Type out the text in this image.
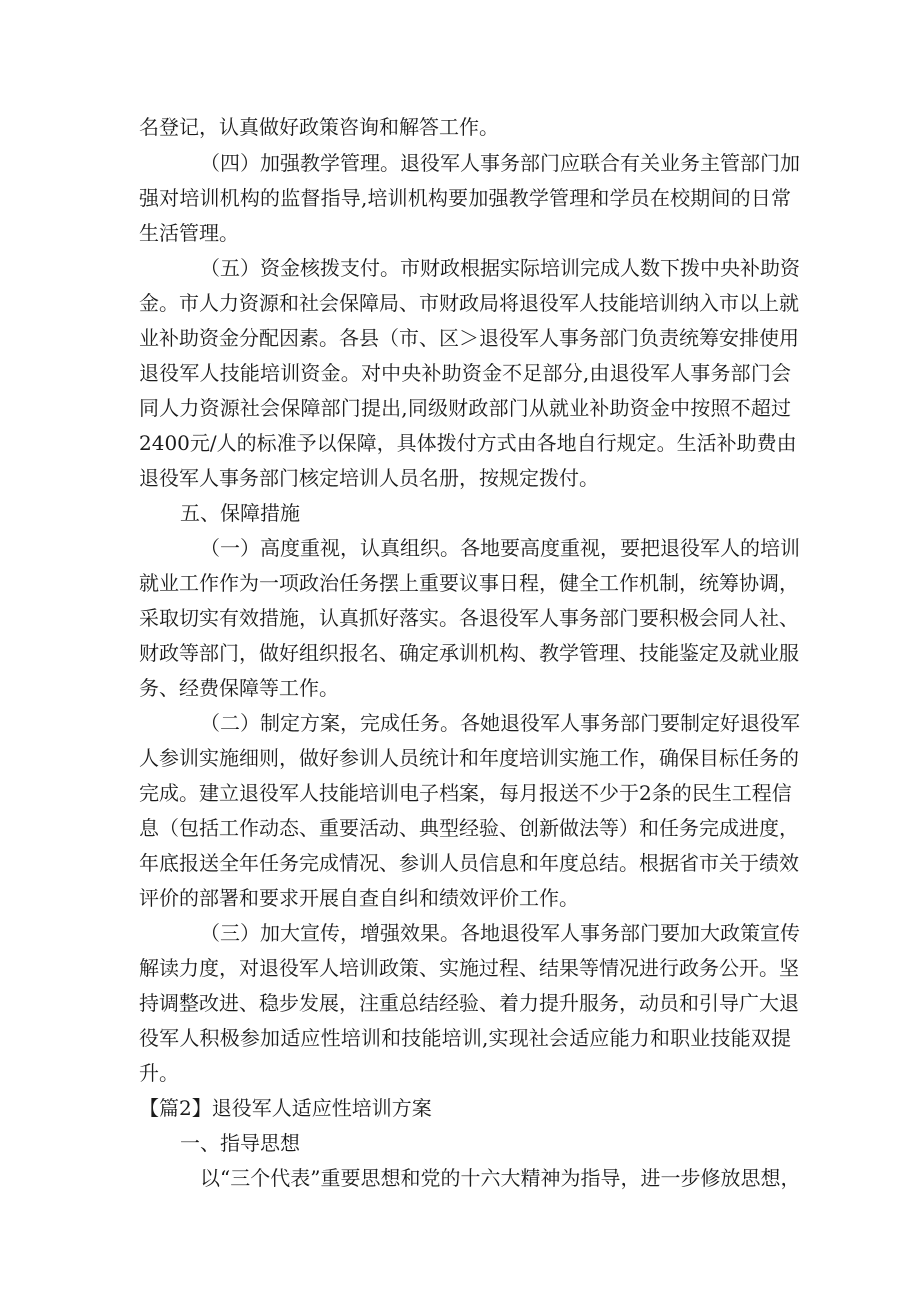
名登记，认真做好政策咨询和解答工作。
（四）加强教学管理。退役军人事务部门应联合有关业务主管部门加
强对培训机构的监督指导,培训机构要加强教学管理和学员在校期间的日常
生活管理。
（五）资金核拨支付。市财政根据实际培训完成人数下拨中央补助资
金。市人力资源和社会保障局、市财政局将退役军人技能培训纳入市以上就
业补助资金分配因素。各县（市、区＞退役军人事务部门负责统筹安排使用
退役军人技能培训资金。对中央补助资金不足部分,由退役军人事务部门会
同人力资源社会保障部门提出,同级财政部门从就业补助资金中按照不超过
2400元/人的标准予以保障，具体拨付方式由各地自行规定。生活补助费由
退役军人事务部门核定培训人员名册，按规定拨付。
五、保障措施
（一）高度重视，认真组织。各地要高度重视，要把退役军人的培训
就业工作作为一项政治任务摆上重要议事日程，健全工作机制，统筹协调，
采取切实有效措施，认真抓好落实。各退役军人事务部门要积极会同人社、
财政等部门，做好组织报名、确定承训机构、教学管理、技能鉴定及就业服
务、经费保障等工作。
（二）制定方案，完成任务。各她退役军人事务部门要制定好退役军
人参训实施细则，做好参训人员统计和年度培训实施工作，确保目标任务的
完成。建立退役军人技能培训电子档案，每月报送不少于2条的民生工程信
息（包括工作动态、重要活动、典型经验、创新做法等）和任务完成进度，
年底报送全年任务完成情况、参训人员信息和年度总结。根据省市关于绩效
评价的部署和要求开展自查自纠和绩效评价工作。
（三）加大宣传，增强效果。各地退役军人事务部门要加大政策宣传
解读力度，对退役军人培训政策、实施过程、结果等情况进行政务公开。坚
持调整改进、稳步发展，注重总结经验、着力提升服务，动员和引导广大退
役军人积极参加适应性培训和技能培训,实现社会适应能力和职业技能双提
升。
【篇2】退役军人适应性培训方案
一、指导思想
以“三个代表”重要思想和党的十六大精神为指导，进一步修放思想，
